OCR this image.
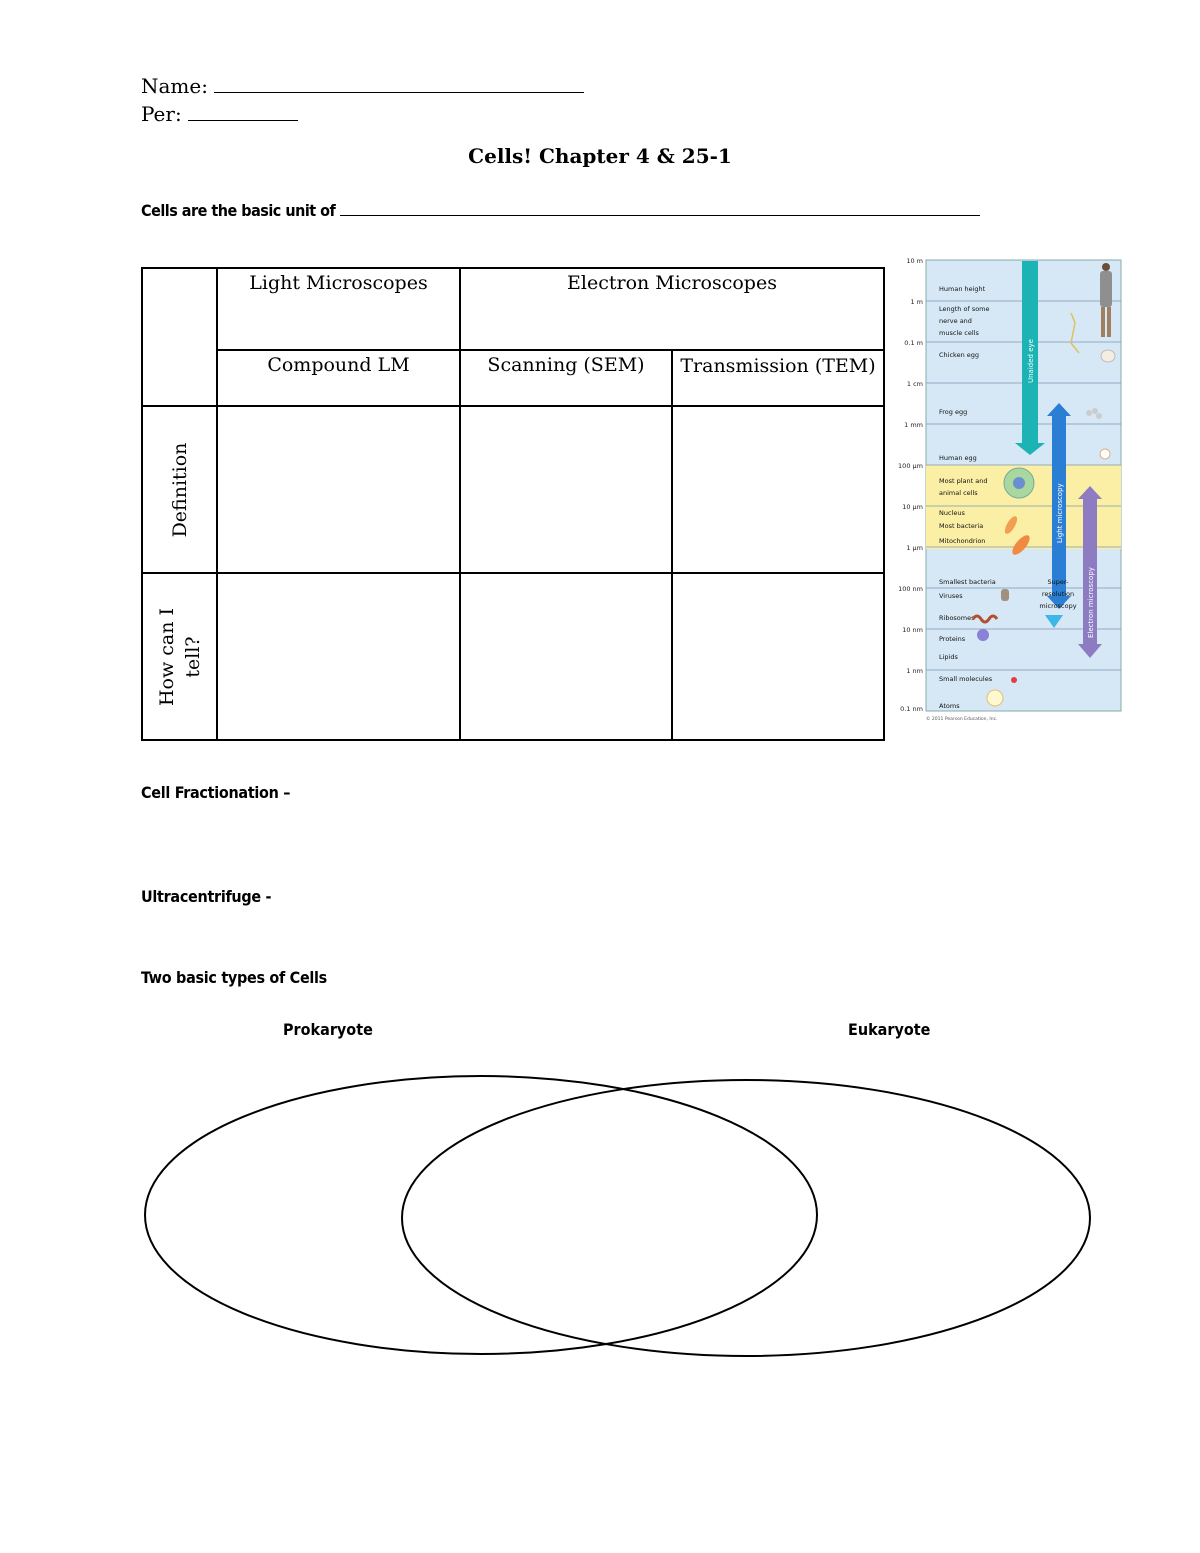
Name:
Per:
Cells! Chapter 4 & 25-1
Cells are the basic unit of
	Light Microscopes	Electron Microscopes	
	Compound LM	Scanning (SEM)	Transmission (TEM)

Definition			

How can I tell?			

10 m
1 m
0.1 m
1 cm
1 mm
100 µm
10 µm
1 µm
100 nm
10 nm
1 nm
0.1 nm
Human height
Length of some
nerve and
muscle cells
Chicken egg
Frog egg
Human egg
Most plant and
animal cells
Nucleus
Most bacteria
Mitochondrion
Smallest bacteria
Viruses
Ribosomes
Proteins
Lipids
Small molecules
Atoms
Unaided eye
Light microscopy
Electron microscopy
Super-
resolution
microscopy
© 2011 Pearson Education, Inc.
Cell Fractionation –
Ultracentrifuge -
Two basic types of Cells
Prokaryote	Eukaryote
